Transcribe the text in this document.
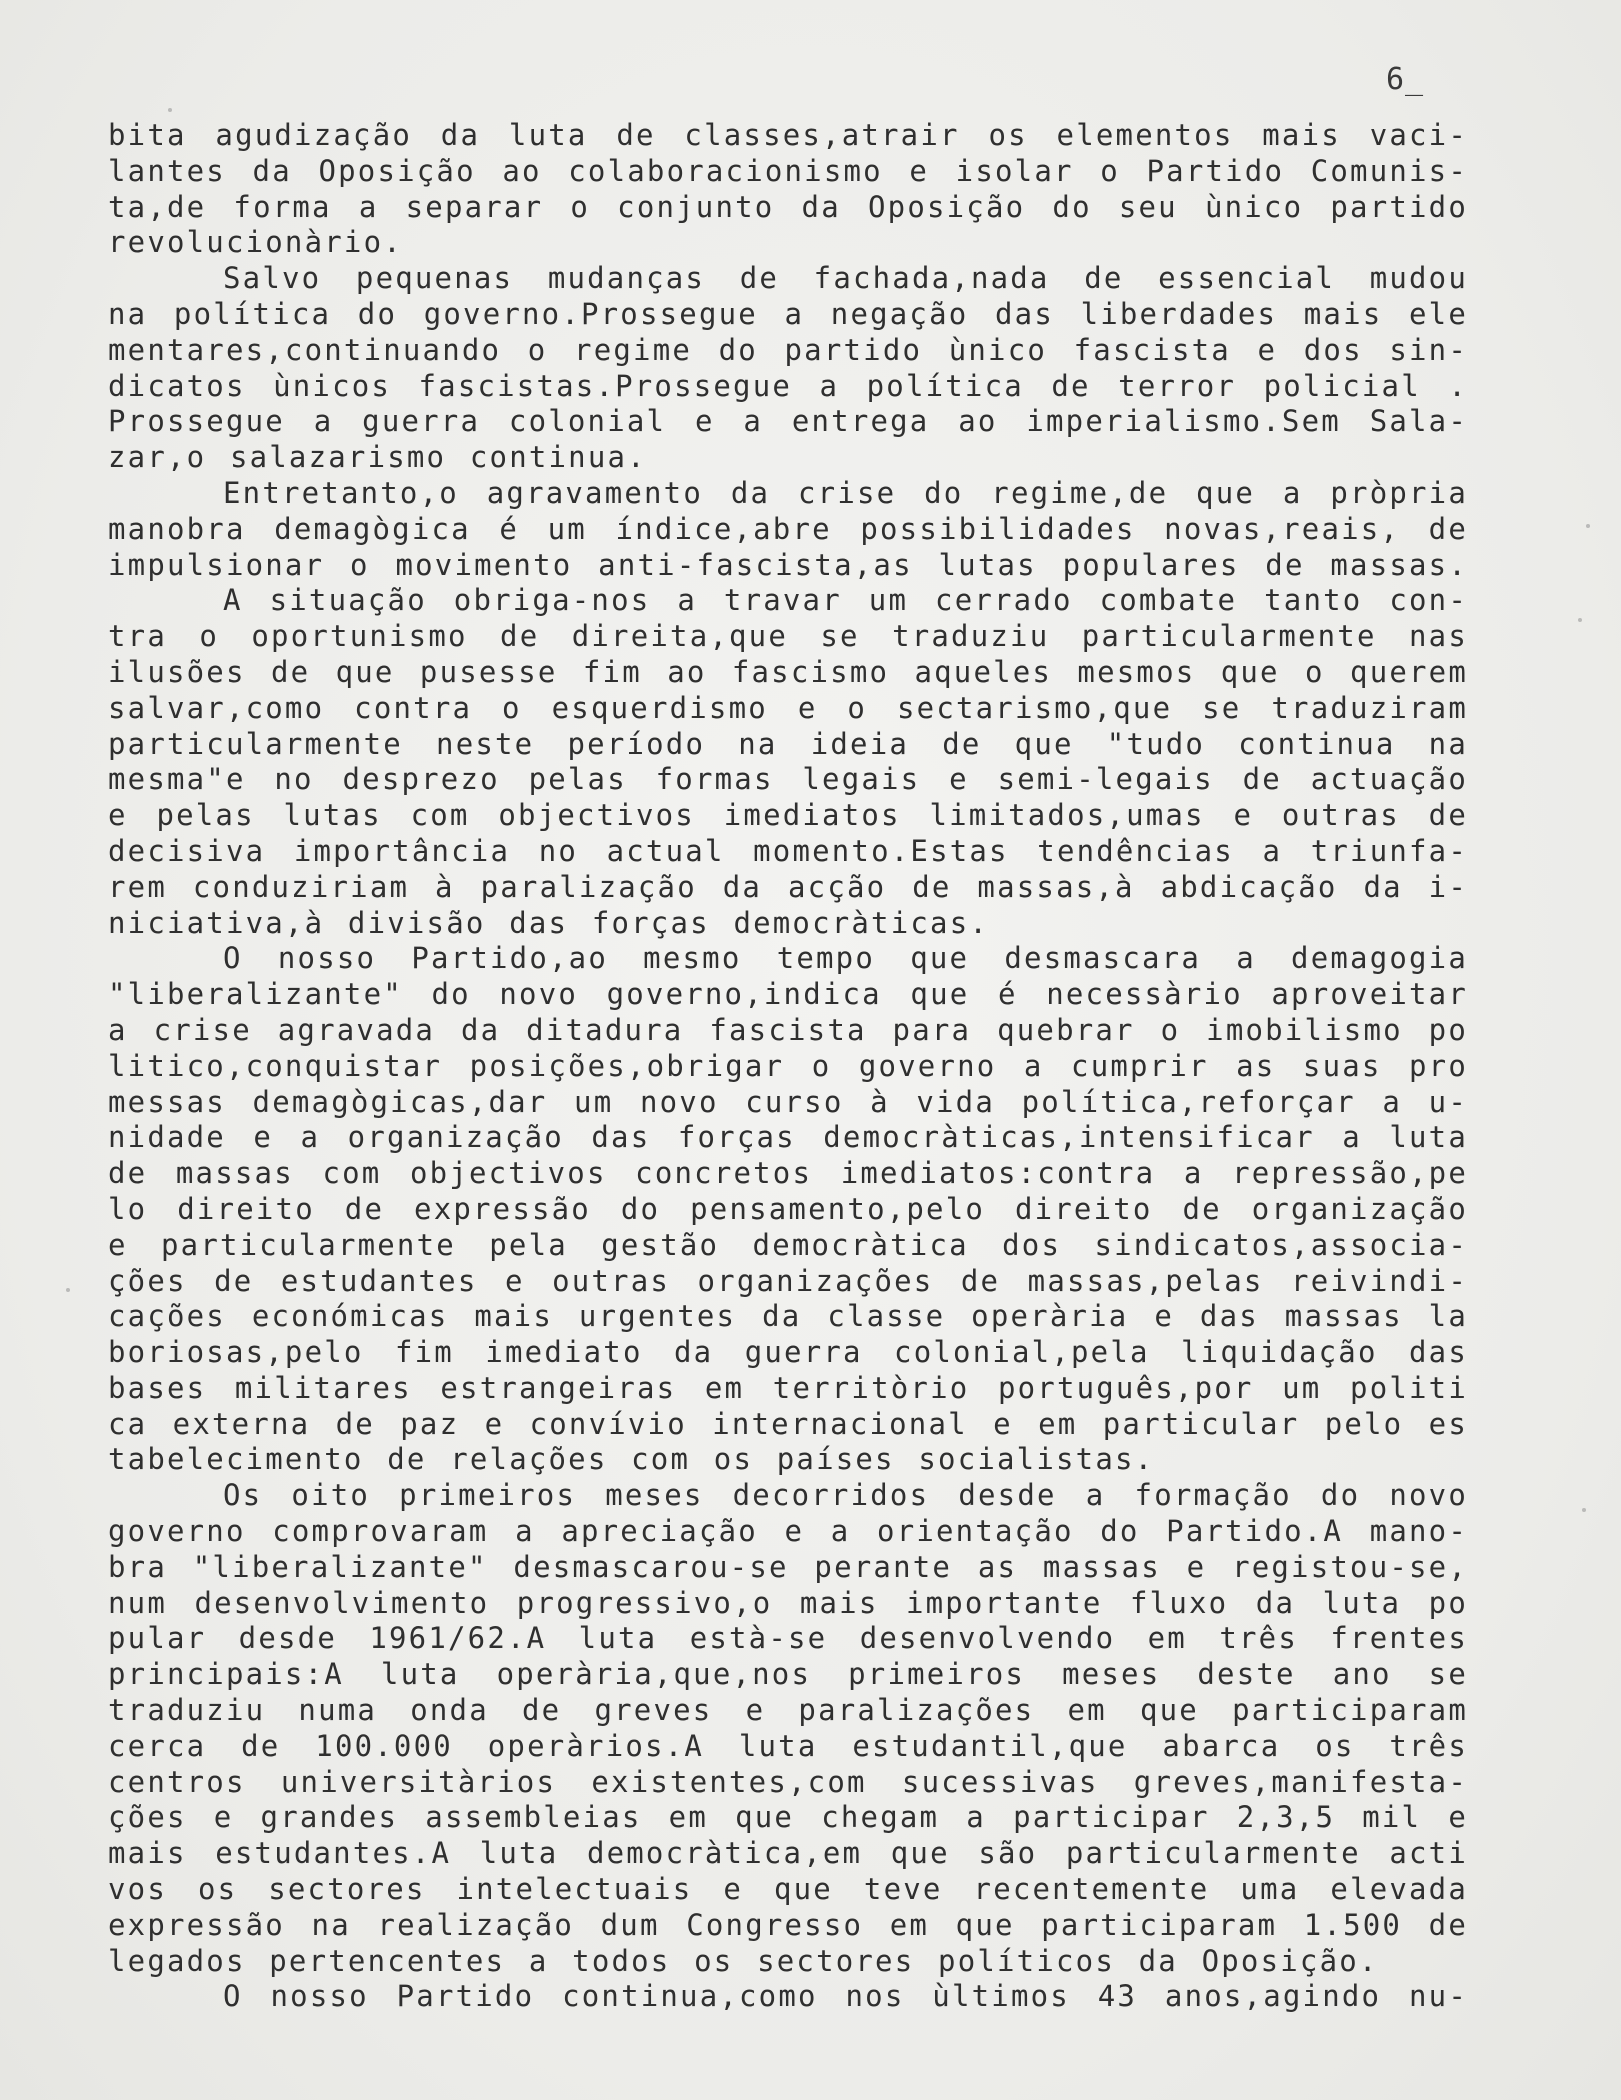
6_
bita agudização da luta de classes,atrair os elementos mais vaci-
lantes da Oposição ao colaboracionismo e isolar o Partido Comunis-
ta,de forma a separar o conjunto da Oposição do seu ùnico partido
revolucionàrio.
Salvo pequenas mudanças de fachada,nada de essencial mudou
na política do governo.Prossegue a negação das liberdades mais ele
mentares,continuando o regime do partido ùnico fascista e dos sin-
dicatos ùnicos fascistas.Prossegue a política de terror policial .
Prossegue a guerra colonial e a entrega ao imperialismo.Sem Sala-
zar,o salazarismo continua.
Entretanto,o agravamento da crise do regime,de que a pròpria
manobra demagògica é um índice,abre possibilidades novas,reais, de
impulsionar o movimento anti-fascista,as lutas populares de massas.
A situação obriga-nos a travar um cerrado combate tanto con-
tra o oportunismo de direita,que se traduziu particularmente nas
ilusões de que pusesse fim ao fascismo aqueles mesmos que o querem
salvar,como contra o esquerdismo e o sectarismo,que se traduziram
particularmente neste período na ideia de que "tudo continua na
mesma"e no desprezo pelas formas legais e semi-legais de actuação
e pelas lutas com objectivos imediatos limitados,umas e outras de
decisiva importância no actual momento.Estas tendências a triunfa-
rem conduziriam à paralização da acção de massas,à abdicação da i-
niciativa,à divisão das forças democràticas.
O nosso Partido,ao mesmo tempo que desmascara a demagogia
"liberalizante" do novo governo,indica que é necessàrio aproveitar
a crise agravada da ditadura fascista para quebrar o imobilismo po
litico,conquistar posições,obrigar o governo a cumprir as suas pro
messas demagògicas,dar um novo curso à vida política,reforçar a u-
nidade e a organização das forças democràticas,intensificar a luta
de massas com objectivos concretos imediatos:contra a repressão,pe
lo direito de expressão do pensamento,pelo direito de organização
e particularmente pela gestão democràtica dos sindicatos,associa-
ções de estudantes e outras organizações de massas,pelas reivindi-
cações económicas mais urgentes da classe operària e das massas la
boriosas,pelo fim imediato da guerra colonial,pela liquidação das
bases militares estrangeiras em territòrio português,por um politi
ca externa de paz e convívio internacional e em particular pelo es
tabelecimento de relações com os países socialistas.
Os oito primeiros meses decorridos desde a formação do novo
governo comprovaram a apreciação e a orientação do Partido.A mano-
bra "liberalizante" desmascarou-se perante as massas e registou-se,
num desenvolvimento progressivo,o mais importante fluxo da luta po
pular desde 1961/62.A luta està-se desenvolvendo em três frentes
principais:A luta operària,que,nos primeiros meses deste ano se
traduziu numa onda de greves e paralizações em que participaram
cerca de 100.000 operàrios.A luta estudantil,que abarca os três
centros universitàrios existentes,com sucessivas greves,manifesta-
ções e grandes assembleias em que chegam a participar 2,3,5 mil e
mais estudantes.A luta democràtica,em que são particularmente acti
vos os sectores intelectuais e que teve recentemente uma elevada
expressão na realização dum Congresso em que participaram 1.500 de
legados pertencentes a todos os sectores políticos da Oposição.
O nosso Partido continua,como nos ùltimos 43 anos,agindo nu-
